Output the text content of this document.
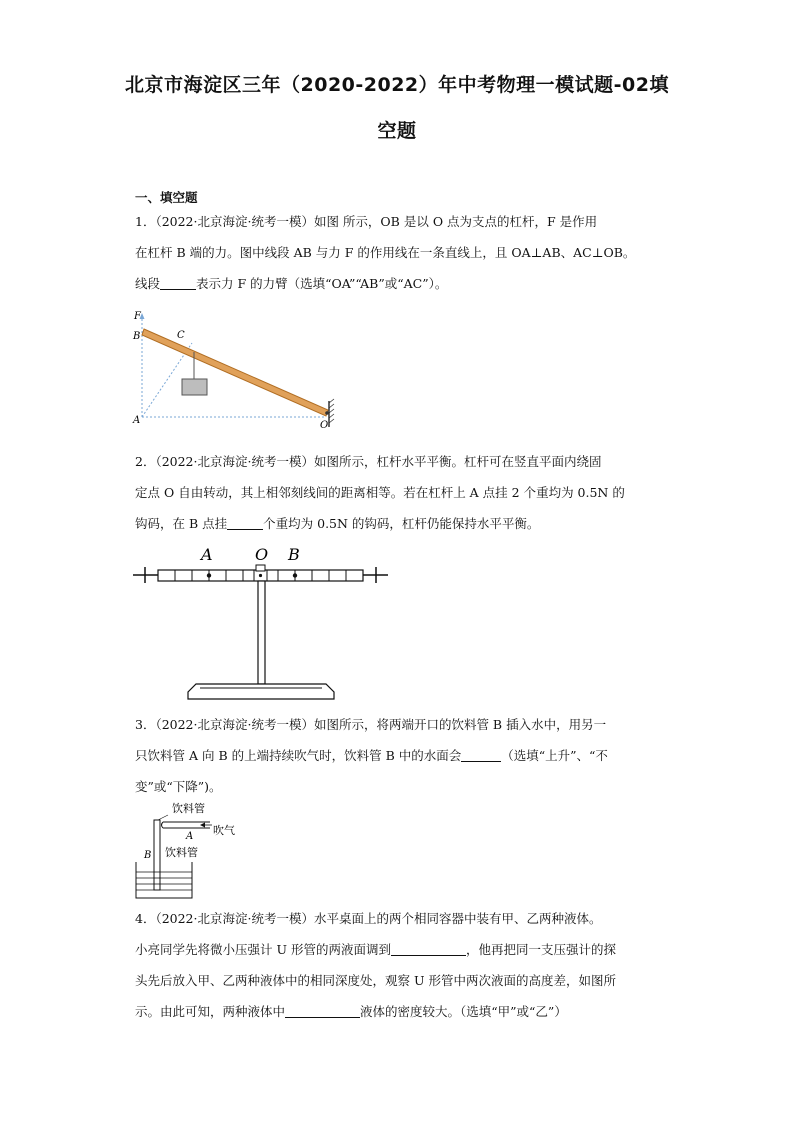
北京市海淀区三年（2020-2022）年中考物理一模试题-02填
空题
一、填空题

1．（2022·北京海淀·统考一模）如图 所示，OB 是以 O 点为支点的杠杆，F 是作用

在杠杆 B 端的力。图中线段 AB 与力 F 的作用线在一条直线上，且 OA⊥AB、AC⊥OB。

线段	表示力 F 的力臂（选填“OA”“AB”或“AC”）。

F
B	C
A	O

2．（2022·北京海淀·统考一模）如图所示，杠杆水平平衡。杠杆可在竖直平面内绕固

定点 O 自由转动，其上相邻刻线间的距离相等。若在杠杆上 A 点挂 2 个重均为 0.5N 的

钩码，在 B 点挂	个重均为 0.5N 的钩码，杠杆仍能保持水平平衡。

A	O B

3．（2022·北京海淀·统考一模）如图所示，将两端开口的饮料管 B 插入水中，用另一

只饮料管 A 向 B 的上端持续吹气时，饮料管 B 中的水面会	（选填“上升”、“不

变”或“下降”)。

饮料管
A 吹气
B 饮料管

4．（2022·北京海淀·统考一模）水平桌面上的两个相同容器中装有甲、乙两种液体。

小亮同学先将微小压强计 U 形管的两液面调到	，他再把同一支压强计的探

头先后放入甲、乙两种液体中的相同深度处，观察 U 形管中两次液面的高度差，如图所

示。由此可知，两种液体中	液体的密度较大。（选填“甲”或“乙”）
